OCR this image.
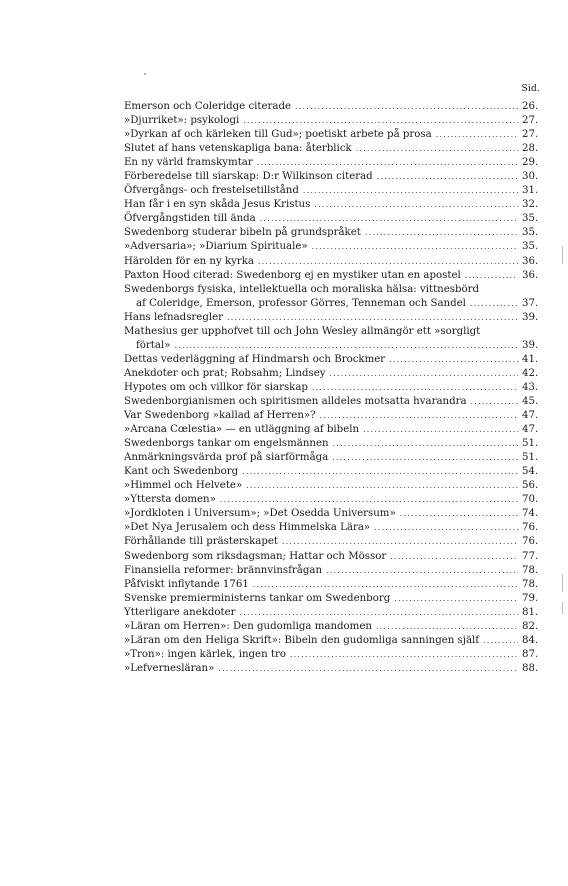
Sid.
Emerson och Coleridge citerade .....	26.
»Djurriket»: psykologi .....	27.
»Dyrkan af och kärleken till Gud»; poetiskt arbete på prosa .....	27.
Slutet af hans vetenskapliga bana: återblick .....	28.
En ny värld framskymtar .....	29.
Förberedelse till siarskap: D:r Wilkinson citerad .....	30.
Öfvergångs- och frestelsetillstånd .....	31.
Han får i en syn skåda Jesus Kristus .....	32.
Öfvergångstiden till ända .....	35.
Swedenborg studerar bibeln på grundspråket .....	35.
»Adversaria»; »Diarium Spirituale» .....	35.
Härolden för en ny kyrka .....	36.
Paxton Hood citerad: Swedenborg ej en mystiker utan en apostel .....	36.
Swedenborgs fysiska, intellektuella och moraliska hälsa: vittnesbörd
af Coleridge, Emerson, professor Görres, Tenneman och Sandel .....	37.
Hans lefnadsregler .....	39.
Mathesius ger upphofvet till och John Wesley allmängör ett »sorgligt
förtal» .....	39.
Dettas vederläggning af Hindmarsh och Brockmer .....	41.
Anekdoter och prat; Robsahm; Lindsey .....	42.
Hypotes om och villkor för siarskap .....	43.
Swedenborgianismen och spiritismen alldeles motsatta hvarandra .....	45.
Var Swedenborg »kallad af Herren»? .....	47.
»Arcana Cœlestia» — en utläggning af bibeln .....	47.
Swedenborgs tankar om engelsmännen .....	51.
Anmärkningsvärda prof på siarförmåga .....	51.
Kant och Swedenborg .....	54.
»Himmel och Helvete» .....	56.
»Yttersta domen» .....	70.
»Jordkloten i Universum»; »Det Osedda Universum» .....	74.
»Det Nya Jerusalem och dess Himmelska Lära» .....	76.
Förhållande till prästerskapet .....	76.
Swedenborg som riksdagsman; Hattar och Mössor .....	77.
Finansiella reformer: brännvinsfrågan .....	78.
Påfviskt inflytande 1761 .....	78.
Svenske premierministerns tankar om Swedenborg .....	79.
Ytterligare anekdoter .....	81.
»Läran om Herren»: Den gudomliga mandomen .....	82.
»Läran om den Heliga Skrift»: Bibeln den gudomliga sanningen själf .....	84.
»Tron»: ingen kärlek, ingen tro .....	87.
»Lefvernesläran» .....	88.
